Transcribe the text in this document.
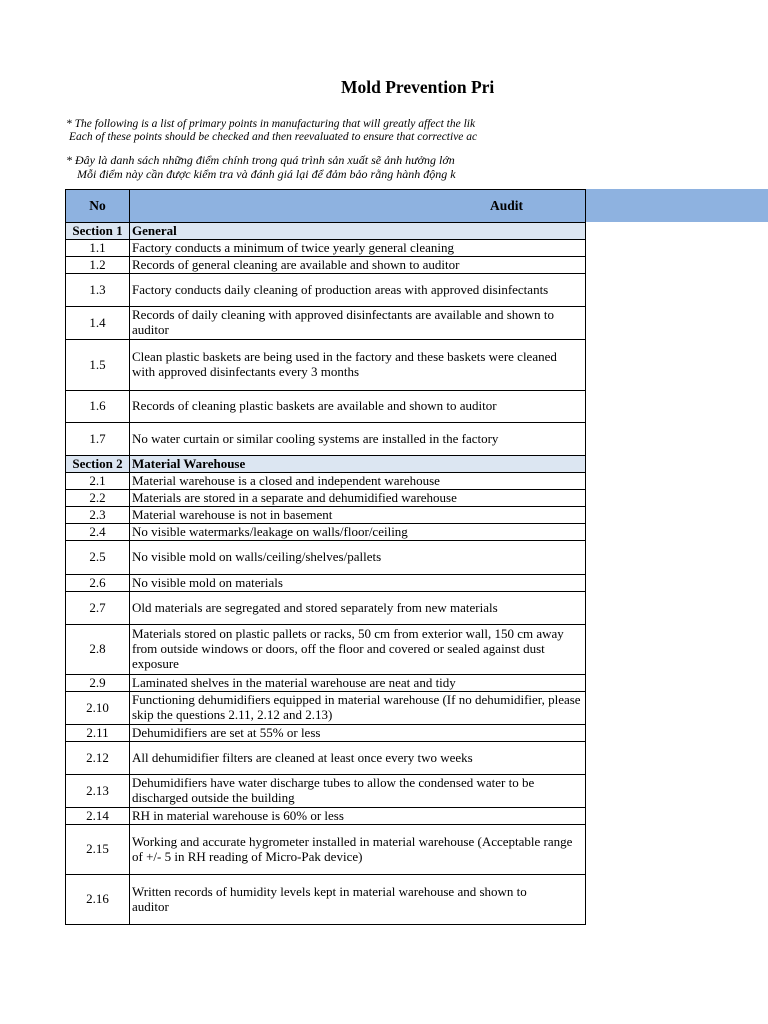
Mold Prevention Pri
* The following is a list of primary points in manufacturing that will greatly affect the lik
Each of these points should be checked and then reevaluated to ensure that corrective ac
* Đây là danh sách những điểm chính trong quá trình sản xuất sẽ ảnh hưởng lớn
Mỗi điểm này cần được kiểm tra và đánh giá lại để đảm bảo rằng hành động k
No	Audit
Section 1	General
1.1	Factory conducts a minimum of twice yearly general cleaning
1.2	Records of general cleaning are available and shown to auditor
1.3	Factory conducts daily cleaning of production areas with approved disinfectants
1.4	Records of daily cleaning with approved disinfectants are available and shown to auditor
1.5	Clean plastic baskets are being used in the factory and these baskets were cleaned with approved disinfectants every 3 months
1.6	Records of cleaning plastic baskets are available and shown to auditor
1.7	No water curtain or similar cooling systems are installed in the factory
Section 2	Material Warehouse
2.1	Material warehouse is a closed and independent warehouse
2.2	Materials are stored in a separate and dehumidified warehouse
2.3	Material warehouse is not in basement
2.4	No visible watermarks/leakage on walls/floor/ceiling
2.5	No visible mold on walls/ceiling/shelves/pallets
2.6	No visible mold on materials
2.7	Old materials are segregated and stored separately from new materials
2.8	Materials stored on plastic pallets or racks, 50 cm from exterior wall, 150 cm away from outside windows or doors, off the floor and covered or sealed against dust exposure
2.9	Laminated shelves in the material warehouse are neat and tidy
2.10	Functioning dehumidifiers equipped in material warehouse (If no dehumidifier, please skip the questions 2.11, 2.12 and 2.13)
2.11	Dehumidifiers are set at 55% or less
2.12	All dehumidifier filters are cleaned at least once every two weeks
2.13	Dehumidifiers have water discharge tubes to allow the condensed water to be discharged outside the building
2.14	RH in material warehouse is 60% or less
2.15	Working and accurate hygrometer installed in material warehouse (Acceptable range of +/- 5 in RH reading of Micro-Pak device)
2.16	Written records of humidity levels kept in material warehouse and shown to
auditor
